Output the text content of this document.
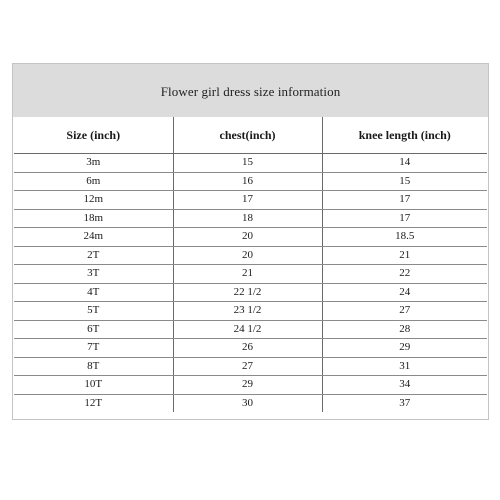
Flower girl dress size information
Size (inch)	chest(inch)	knee length (inch)
3m	15	14
6m	16	15
12m	17	17
18m	18	17
24m	20	18.5
2T	20	21
3T	21	22
4T	22 1/2	24
5T	23 1/2	27
6T	24 1/2	28
7T	26	29
8T	27	31
10T	29	34
12T	30	37
